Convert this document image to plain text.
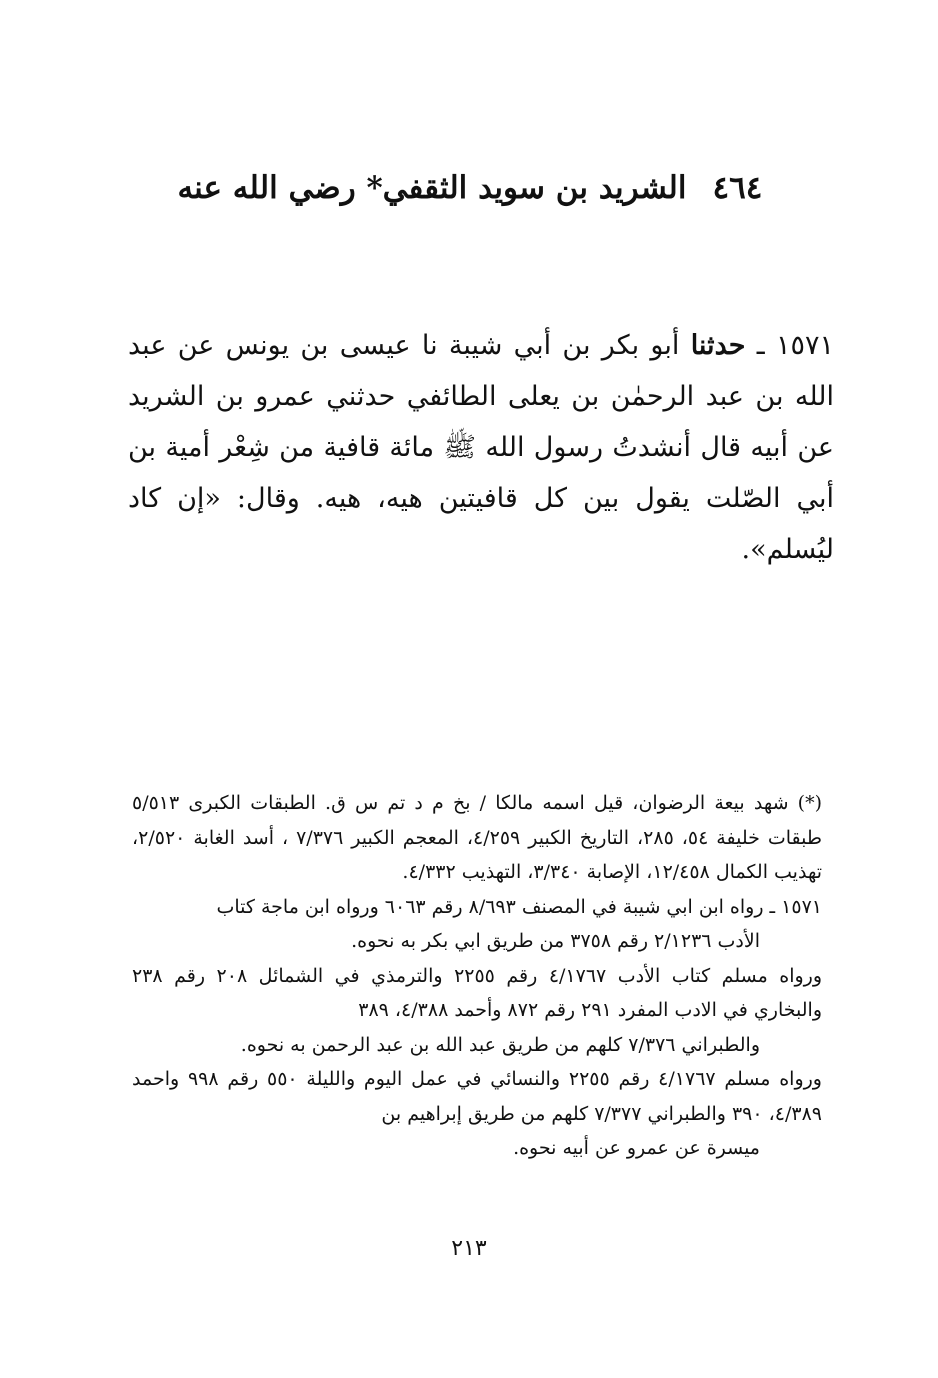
٤٦٤الشريد بن سويد الثقفي* رضي الله عنه

١٥٧١ ـ حدثنا أبو بكر بن أبي شيبة نا عيسى بن يونس عن عبد الله بن عبد الرحمٰن بن يعلى الطائفي حدثني عمرو بن الشريد عن أبيه قال أنشدتُ رسول الله ﷺ مائة قافية من شِعْر أمية بن أبي الصّلت يقول بين كل قافيتين هيه، هيه. وقال: «إن كاد ليُسلم».

(*) شهد بيعة الرضوان، قيل اسمه مالكا / بخ م د تم س ق. الطبقات الكبرى ٥/٥١٣ طبقات خليفة ٥٤، ٢٨٥، التاريخ الكبير ٤/٢٥٩، المعجم الكبير ٧/٣٧٦ ، أسد الغابة ٢/٥٢٠، تهذيب الكمال ١٢/٤٥٨، الإصابة ٣/٣٤٠، التهذيب ٤/٣٣٢.

١٥٧١ ـ رواه ابن ابي شيبة في المصنف ٨/٦٩٣ رقم ٦٠٦٣ ورواه ابن ماجة كتاب

الأدب ٢/١٢٣٦ رقم ٣٧٥٨ من طريق ابي بكر به نحوه.

ورواه مسلم كتاب الأدب ٤/١٧٦٧ رقم ٢٢٥٥ والترمذي في الشمائل ٢٠٨ رقم ٢٣٨ والبخاري في الادب المفرد ٢٩١ رقم ٨٧٢ وأحمد ٤/٣٨٨، ٣٨٩

والطبراني ٧/٣٧٦ كلهم من طريق عبد الله بن عبد الرحمن به نحوه.

ورواه مسلم ٤/١٧٦٧ رقم ٢٢٥٥ والنسائي في عمل اليوم والليلة ٥٥٠ رقم ٩٩٨ واحمد ٤/٣٨٩، ٣٩٠ والطبراني ٧/٣٧٧ كلهم من طريق إبراهيم بن

ميسرة عن عمرو عن أبيه نحوه.

٢١٣
